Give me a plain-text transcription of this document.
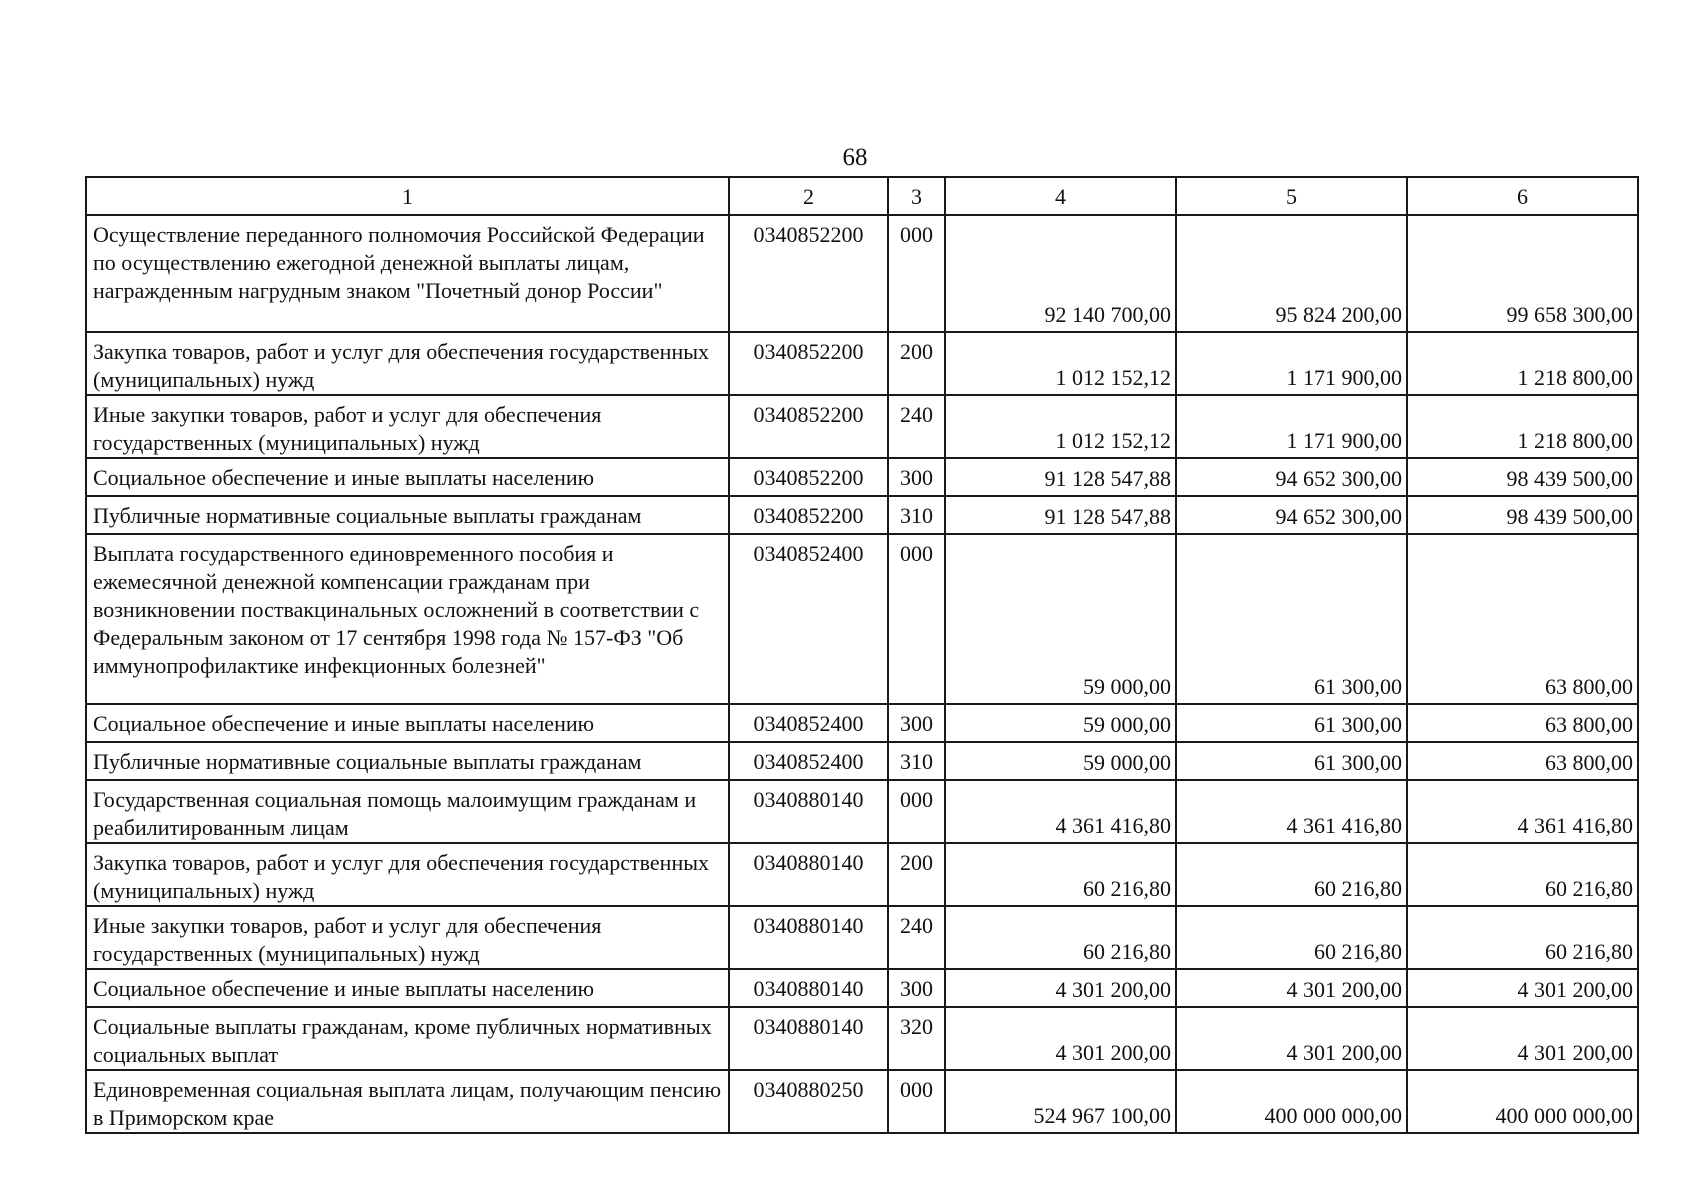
68
1	2	3	4	5	6
Осуществление переданного полномочия Российской Федерации по осуществлению ежегодной денежной выплаты лицам, награжденным нагрудным знаком "Почетный донор России"	0340852200	000	92 140 700,00	95 824 200,00	99 658 300,00
Закупка товаров, работ и услуг для обеспечения государственных (муниципальных) нужд	0340852200	200	1 012 152,12	1 171 900,00	1 218 800,00
Иные закупки товаров, работ и услуг для обеспечения государственных (муниципальных) нужд	0340852200	240	1 012 152,12	1 171 900,00	1 218 800,00
Социальное обеспечение и иные выплаты населению	0340852200	300	91 128 547,88	94 652 300,00	98 439 500,00
Публичные нормативные социальные выплаты гражданам	0340852200	310	91 128 547,88	94 652 300,00	98 439 500,00
Выплата государственного единовременного пособия и ежемесячной денежной компенсации гражданам при возникновении поствакцинальных осложнений в соответствии с Федеральным законом от 17 сентября 1998 года № 157-ФЗ "Об иммунопрофилактике инфекционных болезней"	0340852400	000	59 000,00	61 300,00	63 800,00
Социальное обеспечение и иные выплаты населению	0340852400	300	59 000,00	61 300,00	63 800,00
Публичные нормативные социальные выплаты гражданам	0340852400	310	59 000,00	61 300,00	63 800,00
Государственная социальная помощь малоимущим гражданам и реабилитированным лицам	0340880140	000	4 361 416,80	4 361 416,80	4 361 416,80
Закупка товаров, работ и услуг для обеспечения государственных (муниципальных) нужд	0340880140	200	60 216,80	60 216,80	60 216,80
Иные закупки товаров, работ и услуг для обеспечения государственных (муниципальных) нужд	0340880140	240	60 216,80	60 216,80	60 216,80
Социальное обеспечение и иные выплаты населению	0340880140	300	4 301 200,00	4 301 200,00	4 301 200,00
Социальные выплаты гражданам, кроме публичных нормативных социальных выплат	0340880140	320	4 301 200,00	4 301 200,00	4 301 200,00
Единовременная социальная выплата лицам, получающим пенсию в Приморском крае	0340880250	000	524 967 100,00	400 000 000,00	400 000 000,00
